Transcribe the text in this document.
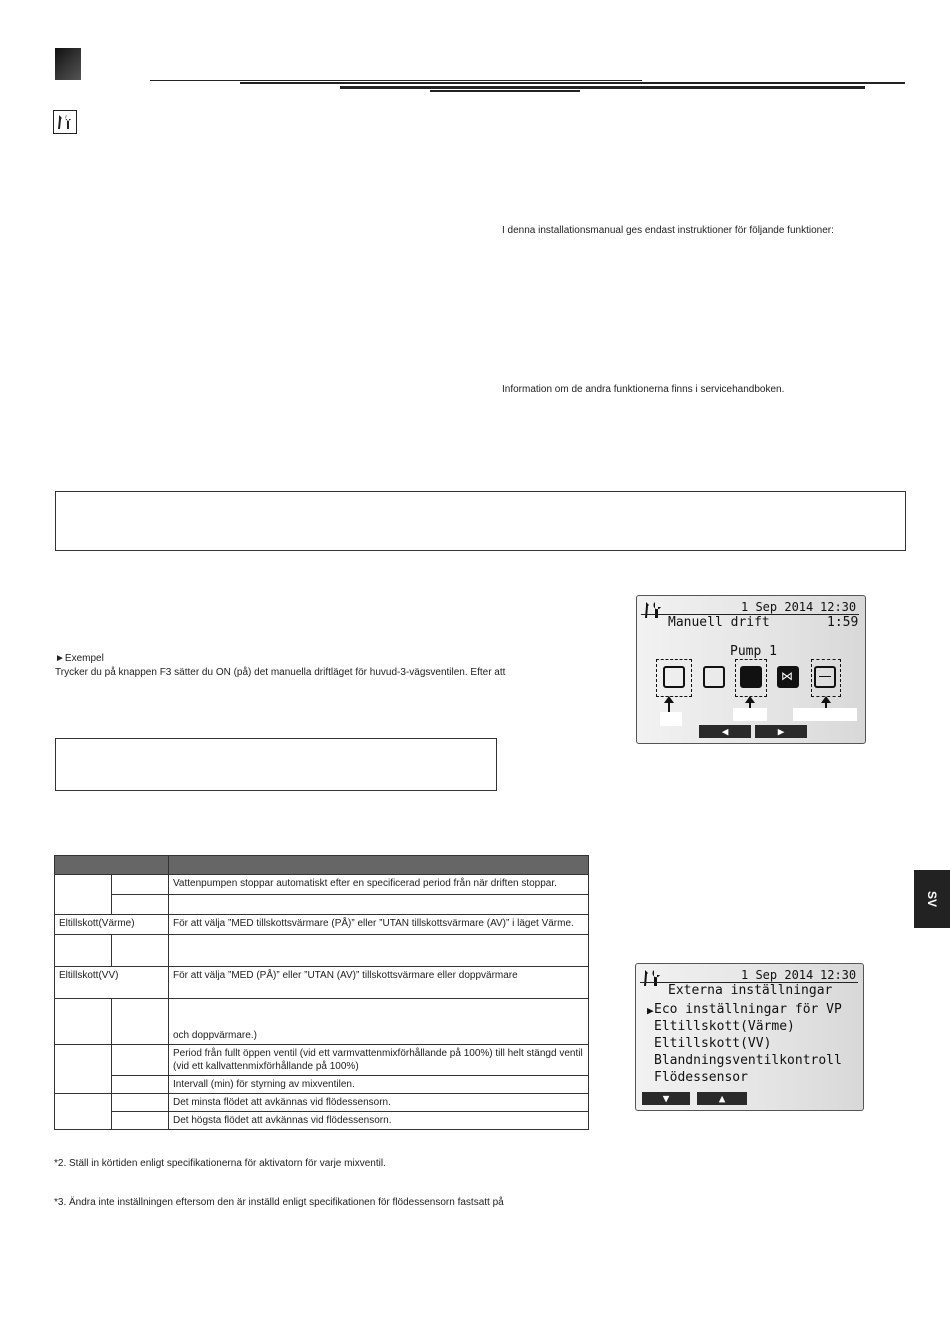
I denna installationsmanual ges endast instruktioner för följande funktioner:
Information om de andra funktionerna finns i servicehandboken.
►Exempel
Trycker du på knappen F3 sätter du ON (på) det manuella driftläget för huvud-3-vägsventilen. Efter att
1 Sep 2014 12:30
Manuell drift	1:59
Pump 1
⋈
◀	▶
1 Sep 2014 12:30
Externa inställningar
▶ Eco inställningar för VP
Eltillskott(Värme)
Eltillskott(VV)
Blandningsventilkontroll
Flödessensor
▼	▲

		Vattenpumpen stoppar automatiskt efter en specificerad period från när driften stoppar.

Eltillskott(Värme)		För att välja ”MED tillskottsvärmare (PÅ)” eller ”UTAN tillskottsvärmare (AV)” i läget Värme.

Eltillskott(VV)		För att välja ”MED (PÅ)” eller ”UTAN (AV)” tillskottsvärmare eller doppvärmare
		och doppvärmare.)
		Period från fullt öppen ventil (vid ett varmvattenmixförhållande på 100%) till helt stängd ventil (vid ett kallvattenmixförhållande på 100%)
		Intervall (min) för styrning av mixventilen.
		Det minsta flödet att avkännas vid flödessensorn.
		Det högsta flödet att avkännas vid flödessensorn.
*2. Ställ in körtiden enligt specifikationerna för aktivatorn för varje mixventil.
*3. Ändra inte inställningen eftersom den är inställd enligt specifikationen för flödessensorn fastsatt på
SV
